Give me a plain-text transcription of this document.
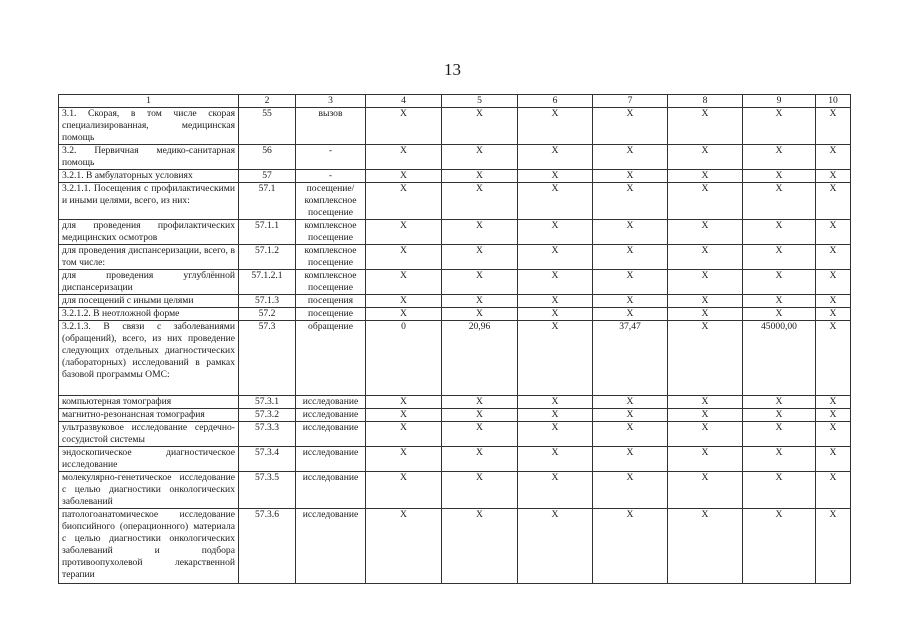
13
1	2	3	4	5	6	7	8	9	10
3.1. Скорая, в том числе скорая специализированная, медицинская помощь	55	вызов	Х	Х	Х	Х	Х	Х	Х
3.2. Первичная медико-санитарная помощь	56	-	Х	Х	Х	Х	Х	Х	Х
3.2.1. В амбулаторных условиях	57	-	Х	Х	Х	Х	Х	Х	Х
3.2.1.1. Посещения с профилактическими и иными целями, всего, из них:	57.1	посещение/ комплексное посещение	Х	Х	Х	Х	Х	Х	Х
для проведения профилактических медицинских осмотров	57.1.1	комплексное посещение	Х	Х	Х	Х	Х	Х	Х
для проведения диспансеризации, всего, в том числе:	57.1.2	комплексное посещение	Х	Х	Х	Х	Х	Х	Х
для проведения углублённой диспансеризации	57.1.2.1	комплексное посещение	Х	Х	Х	Х	Х	Х	Х
для посещений с иными целями	57.1.3	посещения	Х	Х	Х	Х	Х	Х	Х
3.2.1.2. В неотложной форме	57.2	посещение	Х	Х	Х	Х	Х	Х	Х
3.2.1.3. В связи с заболеваниями (обращений), всего, из них проведение следующих отдельных диагностических (лабораторных) исследований в рамках базовой программы ОМС:	57.3	обращение	0	20,96	Х	37,47	Х	45000,00	Х
компьютерная томография	57.3.1	исследование	Х	Х	Х	Х	Х	Х	Х
магнитно-резонансная томография	57.3.2	исследование	Х	Х	Х	Х	Х	Х	Х
ультразвуковое исследование сердечно-сосудистой системы	57.3.3	исследование	Х	Х	Х	Х	Х	Х	Х
эндоскопическое диагностическое исследование	57.3.4	исследование	Х	Х	Х	Х	Х	Х	Х
молекулярно-генетическое исследование с целью диагностики онкологических заболеваний	57.3.5	исследование	Х	Х	Х	Х	Х	Х	Х
патологоанатомическое исследование биопсийного (операционного) материала с целью диагностики онкологических заболеваний и подбора противоопухолевой лекарственной терапии	57.3.6	исследование	Х	Х	Х	Х	Х	Х	Х
